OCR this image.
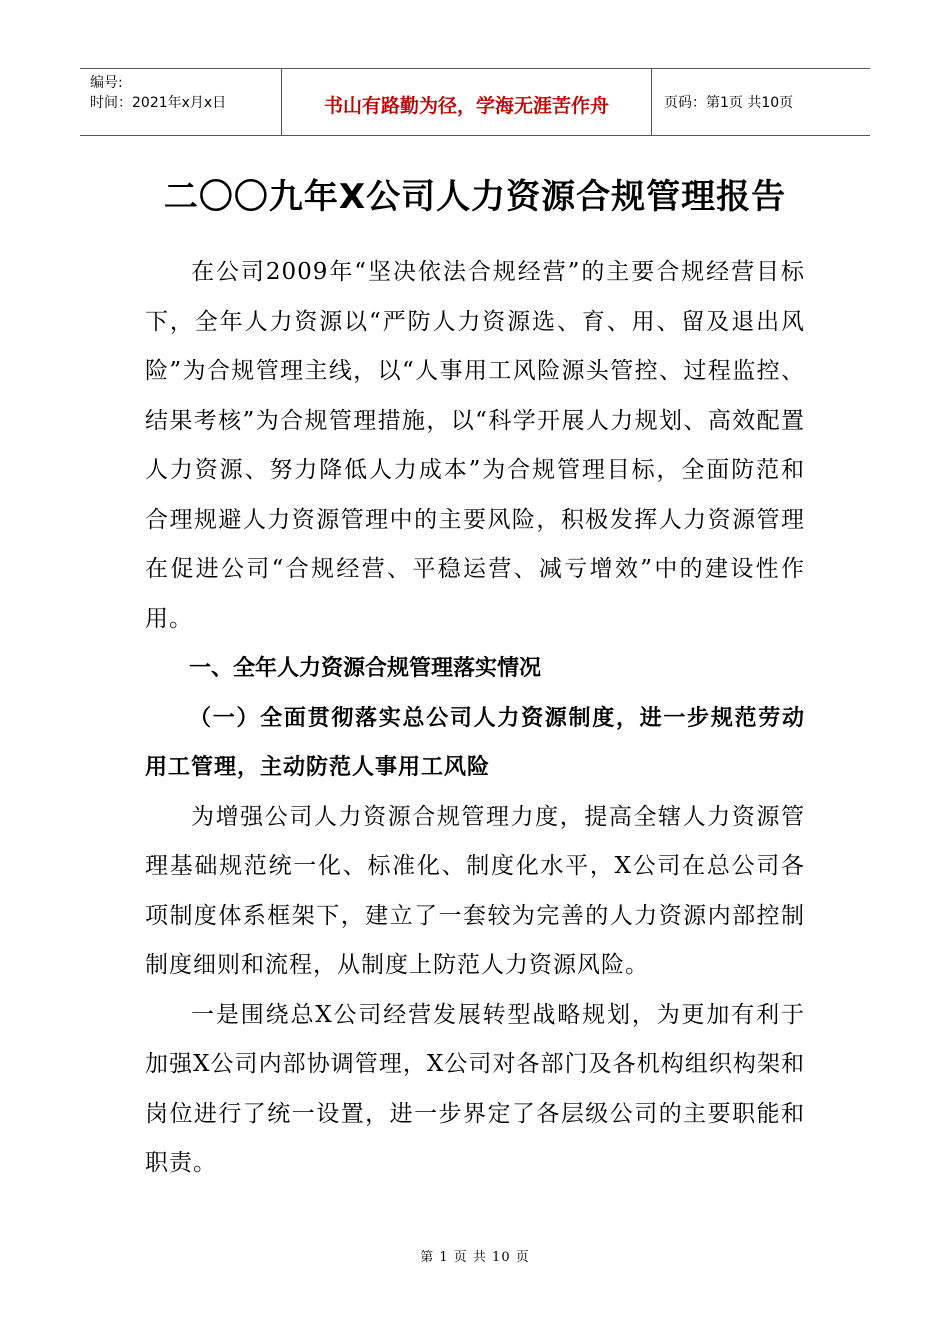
编号:
时间：2021年x月x日	书山有路勤为径，学海无涯苦作舟	页码：第1页 共10页
二〇〇九年X公司人力资源合规管理报告

在公司2009年“坚决依法合规经营”的主要合规经营目标下，全年人力资源以“严防人力资源选、育、用、留及退出风险”为合规管理主线，以“人事用工风险源头管控、过程监控、结果考核”为合规管理措施，以“科学开展人力规划、高效配置人力资源、努力降低人力成本”为合规管理目标，全面防范和合理规避人力资源管理中的主要风险，积极发挥人力资源管理在促进公司“合规经营、平稳运营、减亏增效”中的建设性作用。

一、全年人力资源合规管理落实情况

（一）全面贯彻落实总公司人力资源制度，进一步规范劳动用工管理，主动防范人事用工风险

为增强公司人力资源合规管理力度，提高全辖人力资源管理基础规范统一化、标准化、制度化水平，X公司在总公司各项制度体系框架下，建立了一套较为完善的人力资源内部控制制度细则和流程，从制度上防范人力资源风险。

一是围绕总X公司经营发展转型战略规划，为更加有利于加强X公司内部协调管理，X公司对各部门及各机构组织构架和岗位进行了统一设置，进一步界定了各层级公司的主要职能和职责。

第 1 页 共 10 页
